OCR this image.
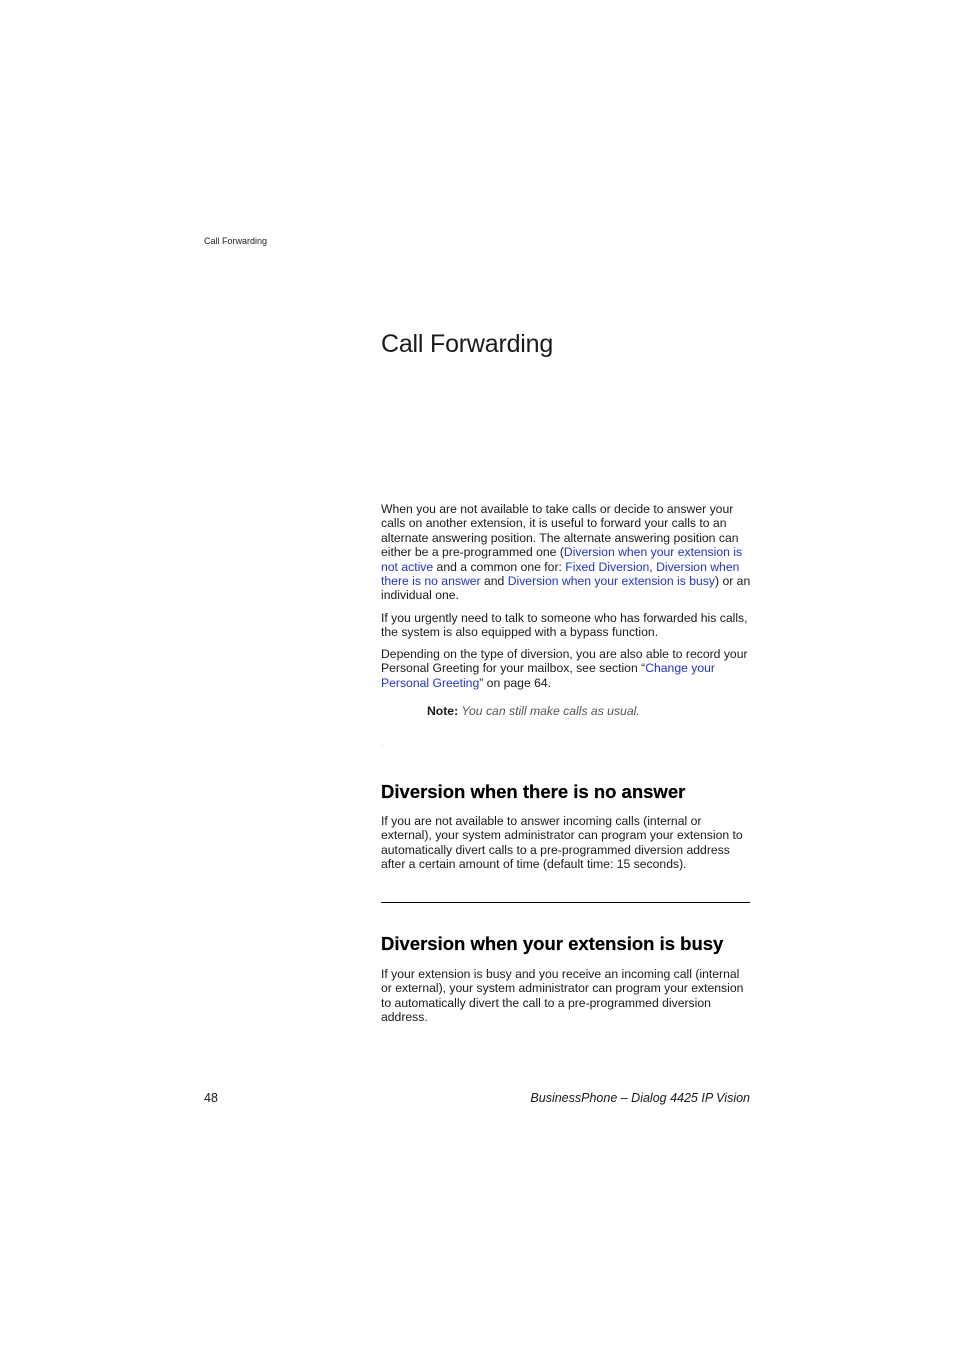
Call Forwarding
Call Forwarding

When you are not available to take calls or decide to answer your calls on another extension, it is useful to forward your calls to an alternate answering position. The alternate answering position can either be a pre-programmed one (Diversion when your extension is not active and a common one for: Fixed Diversion, Diversion when there is no answer and Diversion when your extension is busy) or an individual one.

If you urgently need to talk to someone who has forwarded his calls, the system is also equipped with a bypass function.

Depending on the type of diversion, you are also able to record your Personal Greeting for your mailbox, see section “Change your Personal Greeting” on page 64.

Note: You can still make calls as usual.
.
Diversion when there is no answer

If you are not available to answer incoming calls (internal or external), your system administrator can program your extension to automatically divert calls to a pre-programmed diversion address after a certain amount of time (default time: 15 seconds).

Diversion when your extension is busy

If your extension is busy and you receive an incoming call (internal or external), your system administrator can program your extension to automatically divert the call to a pre-programmed diversion address.

48	BusinessPhone – Dialog 4425 IP Vision
